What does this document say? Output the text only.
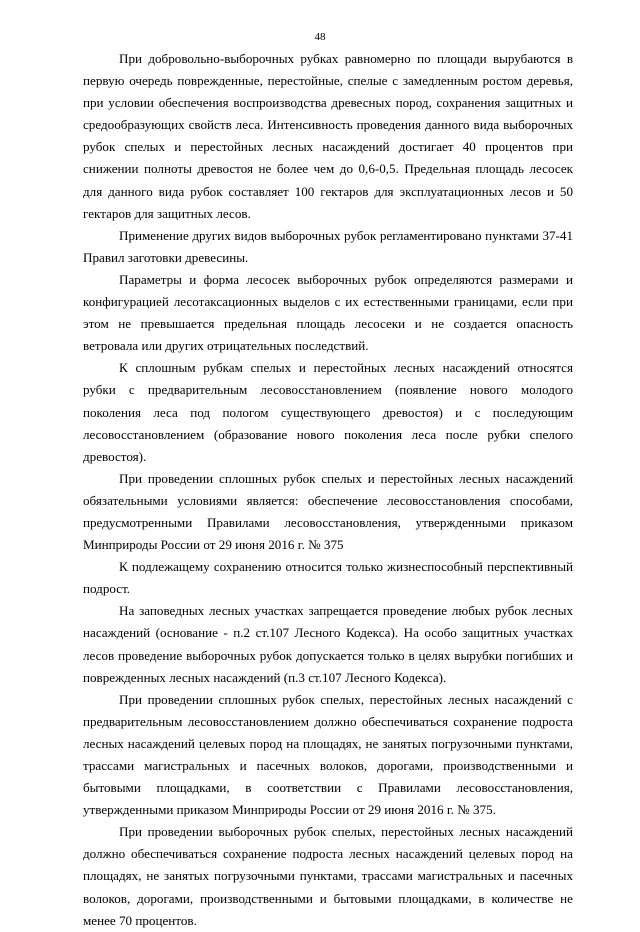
48

При добровольно-выборочных рубках равномерно по площади вырубаются в первую очередь поврежденные, перестойные, спелые с замедленным ростом деревья, при условии обеспечения воспроизводства древесных пород, сохранения защитных и средообразующих свойств леса. Интенсивность проведения данного вида выборочных рубок спелых и перестойных лесных насаждений достигает 40 процентов при снижении полноты древостоя не более чем до 0,6-0,5. Предельная площадь лесосек для данного вида рубок составляет 100 гектаров для эксплуатационных лесов и 50 гектаров для защитных лесов.

Применение других видов выборочных рубок регламентировано пунктами 37-41 Правил заготовки древесины.

Параметры и форма лесосек выборочных рубок определяются размерами и конфигурацией лесотаксационных выделов с их естественными границами, если при этом не превышается предельная площадь лесосеки и не создается опасность ветровала или других отрицательных последствий.

К сплошным рубкам спелых и перестойных лесных насаждений относятся рубки с предварительным лесовосстановлением (появление нового молодого поколения леса под пологом существующего древостоя) и с последующим лесовосстановлением (образование нового поколения леса после рубки спелого древостоя).

При проведении сплошных рубок спелых и перестойных лесных насаждений обязательными условиями является: обеспечение лесовосстановления способами, предусмотренными Правилами лесовосстановления, утвержденными приказом Минприроды России от 29 июня 2016 г. № 375

К подлежащему сохранению относится только жизнеспособный перспективный подрост.

На заповедных лесных участках запрещается проведение любых рубок лесных насаждений (основание - п.2 ст.107 Лесного Кодекса). На особо защитных участках лесов проведение выборочных рубок допускается только в целях вырубки погибших и поврежденных лесных насаждений (п.3 ст.107 Лесного Кодекса).

При проведении сплошных рубок спелых, перестойных лесных насаждений с предварительным лесовосстановлением должно обеспечиваться сохранение подроста лесных насаждений целевых пород на площадях, не занятых погрузочными пунктами, трассами магистральных и пасечных волоков, дорогами, производственными и бытовыми площадками, в соответствии с Правилами лесовосстановления, утвержденными приказом Минприроды России от 29 июня 2016 г. № 375.

При проведении выборочных рубок спелых, перестойных лесных насаждений должно обеспечиваться сохранение подроста лесных насаждений целевых пород на площадях, не занятых погрузочными пунктами, трассами магистральных и пасечных волоков, дорогами, производственными и бытовыми площадками, в количестве не менее 70 процентов.
